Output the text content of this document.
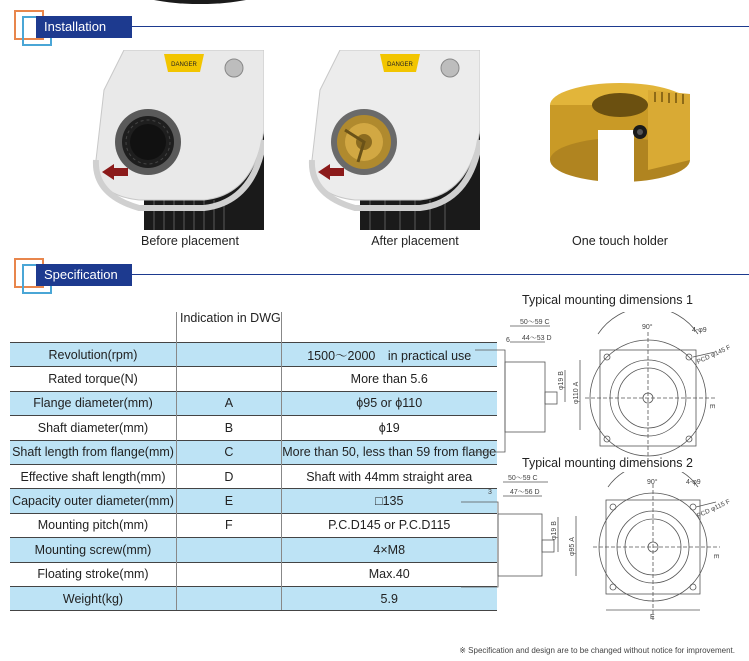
Installation
DANGER
Before placement
DANGER
After placement	One touch holder
Specification
	Indication in DWG	
Revolution(rpm)		1500～2000　in practical use
Rated torque(N)		More than 5.6
Flange diameter(mm)	A	ϕ95 or ϕ110
Shaft diameter(mm)	B	ϕ19
Shaft length from flange(mm)	C	More than 50, less than 59 from flange
Effective shaft length(mm)	D	Shaft with 44mm straight area
Capacity outer diameter(mm)	E	□135
Mounting pitch(mm)	F	P.C.D145 or P.C.D115
Mounting screw(mm)		4×M8
Floating stroke(mm)		Max.40
Weight(kg)		5.9
Typical mounting dimensions 1
50～59 C
44～53 D
6
φ19 B
φ110 A
90°	4-φ9
PCD φ145 F
E
Typical mounting dimensions 2
50～59 C
47～56 D
3
φ19 B
φ95 A
90°	4-φ9
PCD φ115 F
E
E
※ Specification and design are to be changed without notice for improvement.
